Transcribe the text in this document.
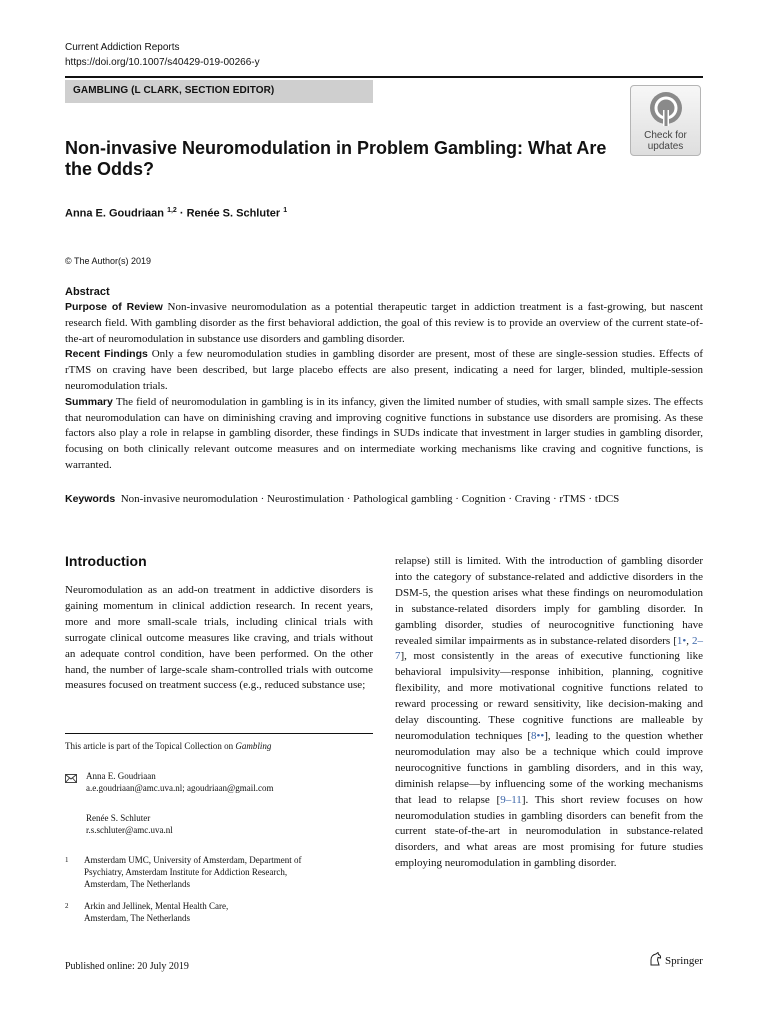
Current Addiction Reports
https://doi.org/10.1007/s40429-019-00266-y
GAMBLING (L CLARK, SECTION EDITOR)
Check for
updates
Non-invasive Neuromodulation in Problem Gambling: What Are the Odds?
Anna E. Goudriaan $^{1,2}$ · Renée S. Schluter $^1$
© The Author(s) 2019
Abstract

Purpose of Review Non-invasive neuromodulation as a potential therapeutic target in addiction treatment is a fast-growing, but nascent research field. With gambling disorder as the first behavioral addiction, the goal of this review is to provide an overview of the current state-of-the-art of neuromodulation in substance use disorders and gambling disorder.

Recent Findings Only a few neuromodulation studies in gambling disorder are present, most of these are single-session studies. Effects of rTMS on craving have been described, but large placebo effects are also present, indicating a need for larger, blinded, multiple-session neuromodulation trials.

Summary The field of neuromodulation in gambling is in its infancy, given the limited number of studies, with small sample sizes. The effects that neuromodulation can have on diminishing craving and improving cognitive functions in substance use disorders are promising. As these factors also play a role in relapse in gambling disorder, these findings in SUDs indicate that investment in larger studies in gambling disorder, focusing on both clinically relevant outcome measures and on intermediate working mechanisms like craving and cognitive functions, is warranted.

Keywords Non-invasive neuromodulation · Neurostimulation · Pathological gambling · Cognition · Craving · rTMS · tDCS
Introduction

Neuromodulation as an add-on treatment in addictive disorders is gaining momentum in clinical addiction research. In recent years, more and more small-scale trials, including clinical trials with surrogate clinical outcome measures like craving, and trials without an adequate control condition, have been performed. On the other hand, the number of large-scale sham-controlled trials with outcome measures focused on treatment success (e.g., reduced substance use;

relapse) still is limited. With the introduction of gambling disorder into the category of substance-related and addictive disorders in the DSM-5, the question arises what these findings on neuromodulation in substance-related disorders imply for gambling disorder. In gambling disorder, studies of neurocognitive functioning have revealed similar impairments as in substance-related disorders [1•, 2–7], most consistently in the areas of executive functioning like behavioral impulsivity—response inhibition, planning, cognitive flexibility, and more motivational cognitive functions related to reward processing or reward sensitivity, like decision-making and delay discounting. These cognitive functions are malleable by neuromodulation techniques [8••], leading to the question whether neuromodulation may also be a technique which could improve neurocognitive functions in gambling disorders, and in this way, diminish relapse—by influencing some of the working mechanisms that lead to relapse [9–11]. This short review focuses on how neuromodulation studies in gambling disorders can benefit from the current state-of-the-art in neuromodulation in substance-related disorders, and what areas are most promising for future studies employing neuromodulation in gambling disorder.

This article is part of the Topical Collection on Gambling
Anna E. Goudriaan
a.e.goudriaan@amc.uva.nl; agoudriaan@gmail.com
Renée S. Schluter
r.s.schluter@amc.uva.nl
1 Amsterdam UMC, University of Amsterdam, Department of
Psychiatry, Amsterdam Institute for Addiction Research,
Amsterdam, The Netherlands
2 Arkin and Jellinek, Mental Health Care,
Amsterdam, The Netherlands
Published online: 20 July 2019	Springer
